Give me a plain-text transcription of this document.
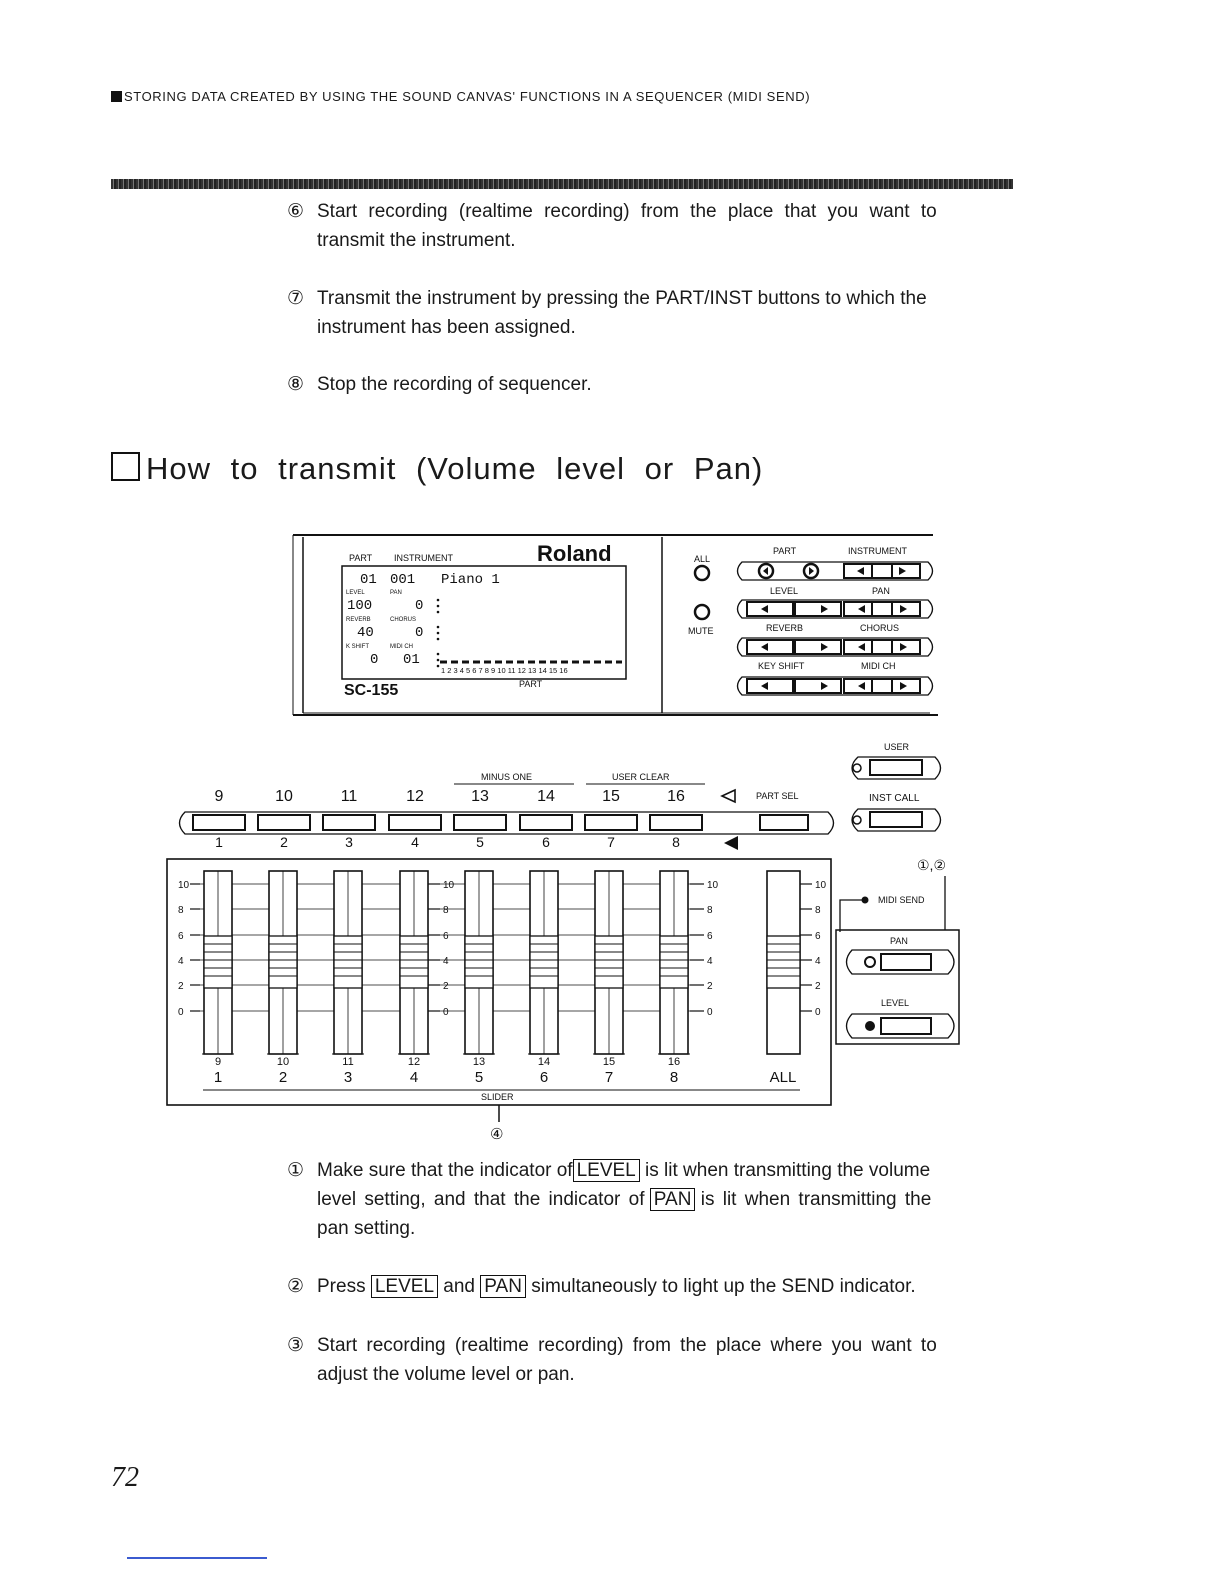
STORING DATA CREATED BY USING THE SOUND CANVAS' FUNCTIONS IN A SEQUENCER (MIDI SEND)
⑥ Start recording (realtime recording) from the place that you want to
transmit the instrument.
⑦ Transmit the instrument by pressing the PART/INST buttons to which the
instrument has been assigned.
⑧ Stop the recording of sequencer.
How to transmit (Volume level or Pan)
PART INSTRUMENT	Roland
01 001 Piano 1
LEVEL	PAN
100	0
REVERB	CHORUS
40	0
K SHIFT	MIDI CH
0 01
1 2 3 4 5 6 7 8 9 10 11 12 13 14 15 16
SC-155	PART
ALL
MUTE
PART	INSTRUMENT
LEVEL	PAN
REVERB	CHORUS
KEY SHIFT	MIDI CH
USER
INST CALL
MINUS ONE	USER CLEAR
PART SEL
9	10	11	12	13	14	15	16
1	2	3	4	5	6	7	8
10	10	10	10
8	8	8	8
6	6	6	6
4	4	4	4
2	2	2	2
0	0	0	0
9
1
10
2
11
3
12
4
13
5
14
6
15
7
16
8	ALL
SLIDER
④
①,②
MIDI SEND
PAN
LEVEL
① Make sure that the indicator of LEVEL is lit when transmitting the volume
level setting, and that the indicator of PAN is lit when transmitting the
pan setting.
② Press LEVEL and PAN simultaneously to light up the SEND indicator.
③ Start recording (realtime recording) from the place where you want to
adjust the volume level or pan.
72
